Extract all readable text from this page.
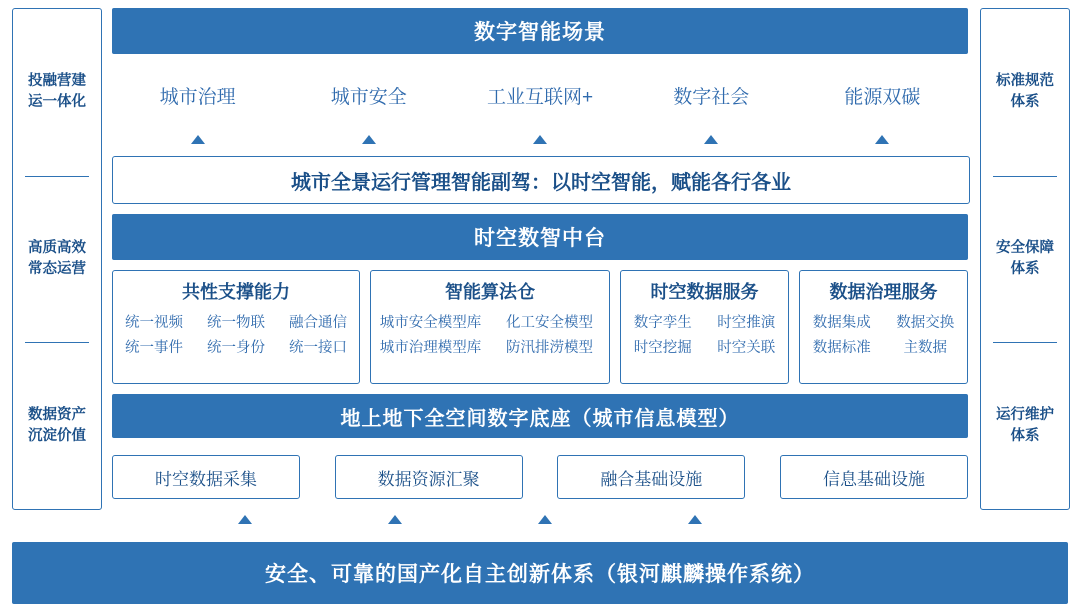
投融营建
运一体化
高质高效
常态运营
数据资产
沉淀价值
标准规范
体系
安全保障
体系
运行维护
体系
数字智能场景
城市治理	城市安全	工业互联网+	数字社会	能源双碳
城市全景运行管理智能副驾：以时空智能，赋能各行各业
时空数智中台
共性支撑能力
统一视频	统一物联	融合通信
统一事件	统一身份	统一接口
智能算法仓
城市安全模型库	化工安全模型
城市治理模型库	防汛排涝模型
时空数据服务
数字孪生	时空推演
时空挖掘	时空关联
数据治理服务
数据集成	数据交换
数据标准	主数据
地上地下全空间数字底座（城市信息模型）
时空数据采集	数据资源汇聚	融合基础设施	信息基础设施
安全、可靠的国产化自主创新体系（银河麒麟操作系统）
